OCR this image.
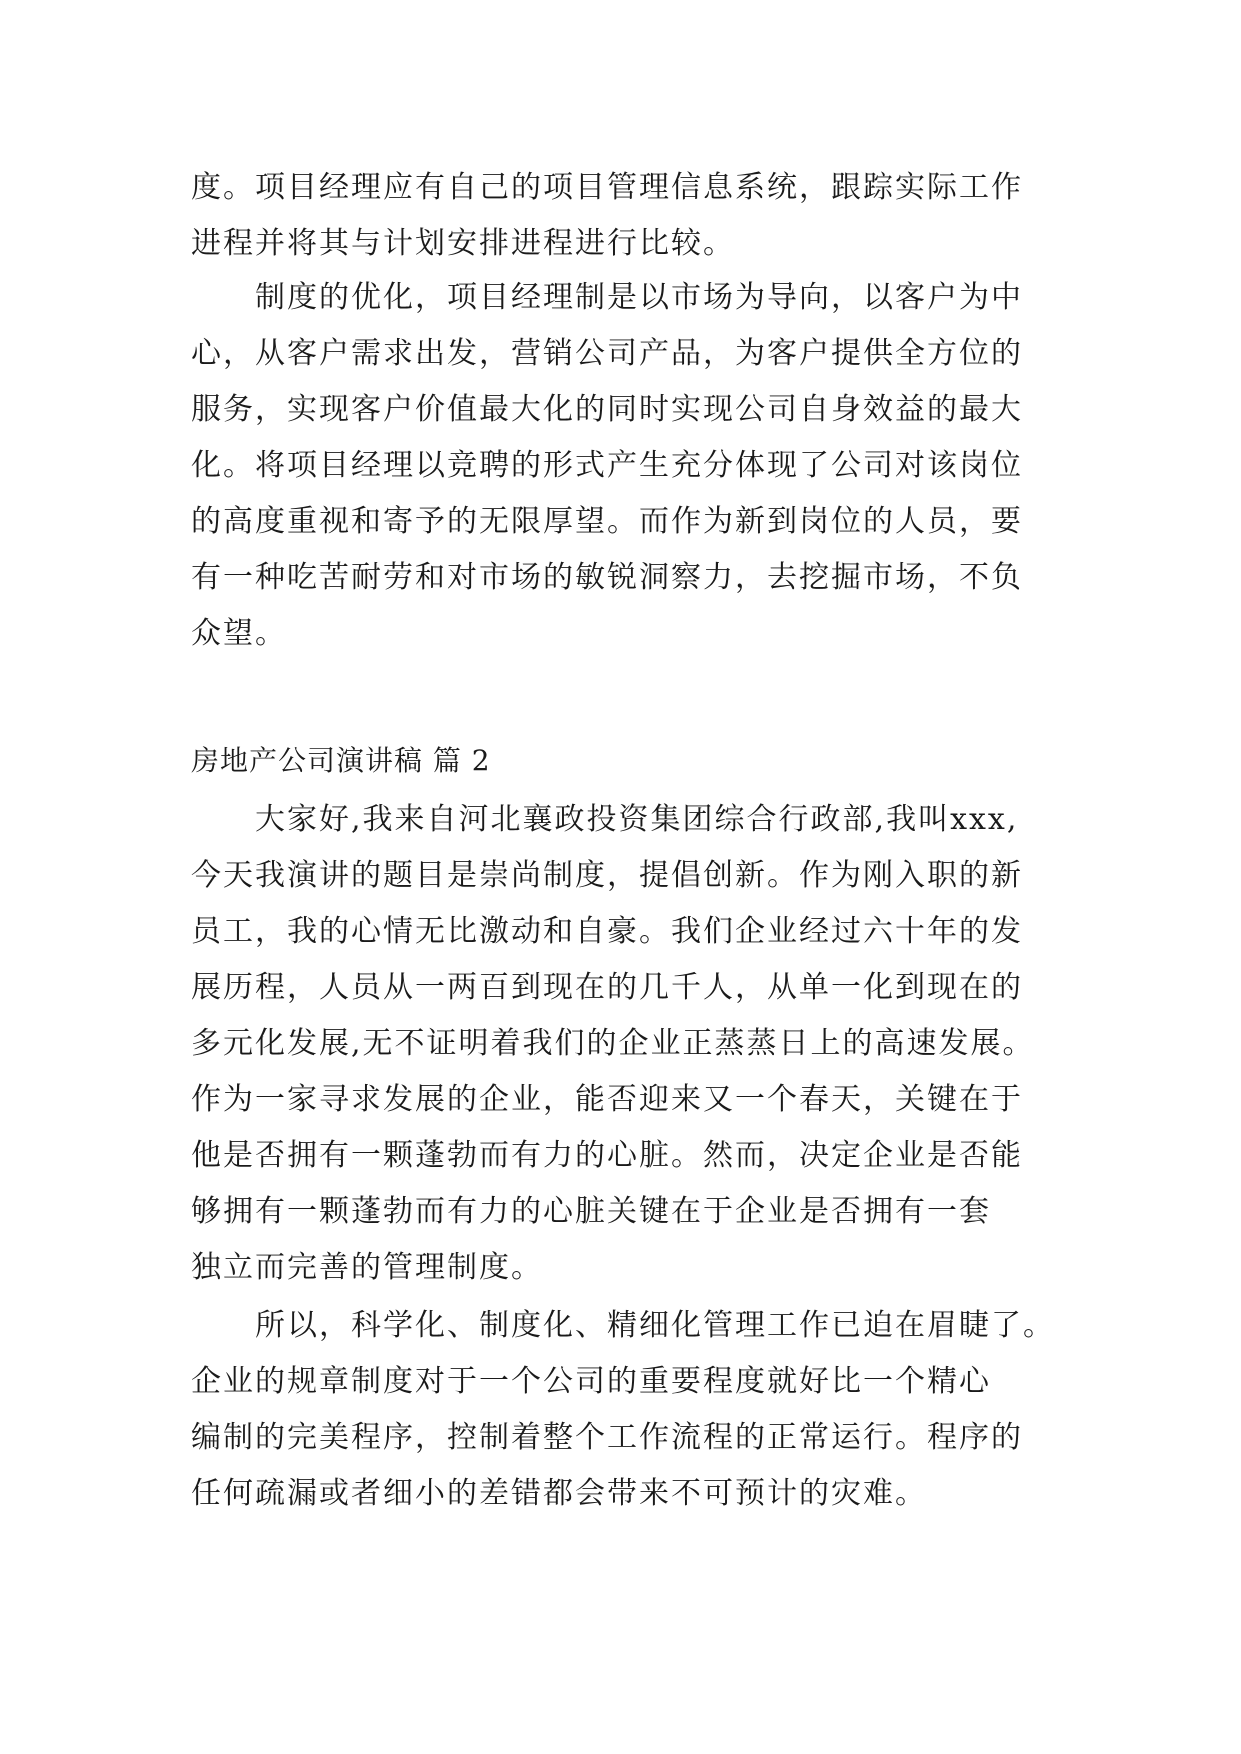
度。项目经理应有自己的项目管理信息系统，跟踪实际工作
进程并将其与计划安排进程进行比较。
制度的优化，项目经理制是以市场为导向，以客户为中
心，从客户需求出发，营销公司产品，为客户提供全方位的
服务，实现客户价值最大化的同时实现公司自身效益的最大
化。将项目经理以竞聘的形式产生充分体现了公司对该岗位
的高度重视和寄予的无限厚望。而作为新到岗位的人员，要
有一种吃苦耐劳和对市场的敏锐洞察力，去挖掘市场，不负
众望。
房地产公司演讲稿 篇 2
大家好,我来自河北襄政投资集团综合行政部,我叫xxx,
今天我演讲的题目是崇尚制度，提倡创新。作为刚入职的新
员工，我的心情无比激动和自豪。我们企业经过六十年的发
展历程，人员从一两百到现在的几千人，从单一化到现在的
多元化发展,无不证明着我们的企业正蒸蒸日上的高速发展。
作为一家寻求发展的企业，能否迎来又一个春天，关键在于
他是否拥有一颗蓬勃而有力的心脏。然而，决定企业是否能
够拥有一颗蓬勃而有力的心脏关键在于企业是否拥有一套
独立而完善的管理制度。
所以，科学化、制度化、精细化管理工作已迫在眉睫了。
企业的规章制度对于一个公司的重要程度就好比一个精心
编制的完美程序，控制着整个工作流程的正常运行。程序的
任何疏漏或者细小的差错都会带来不可预计的灾难。
